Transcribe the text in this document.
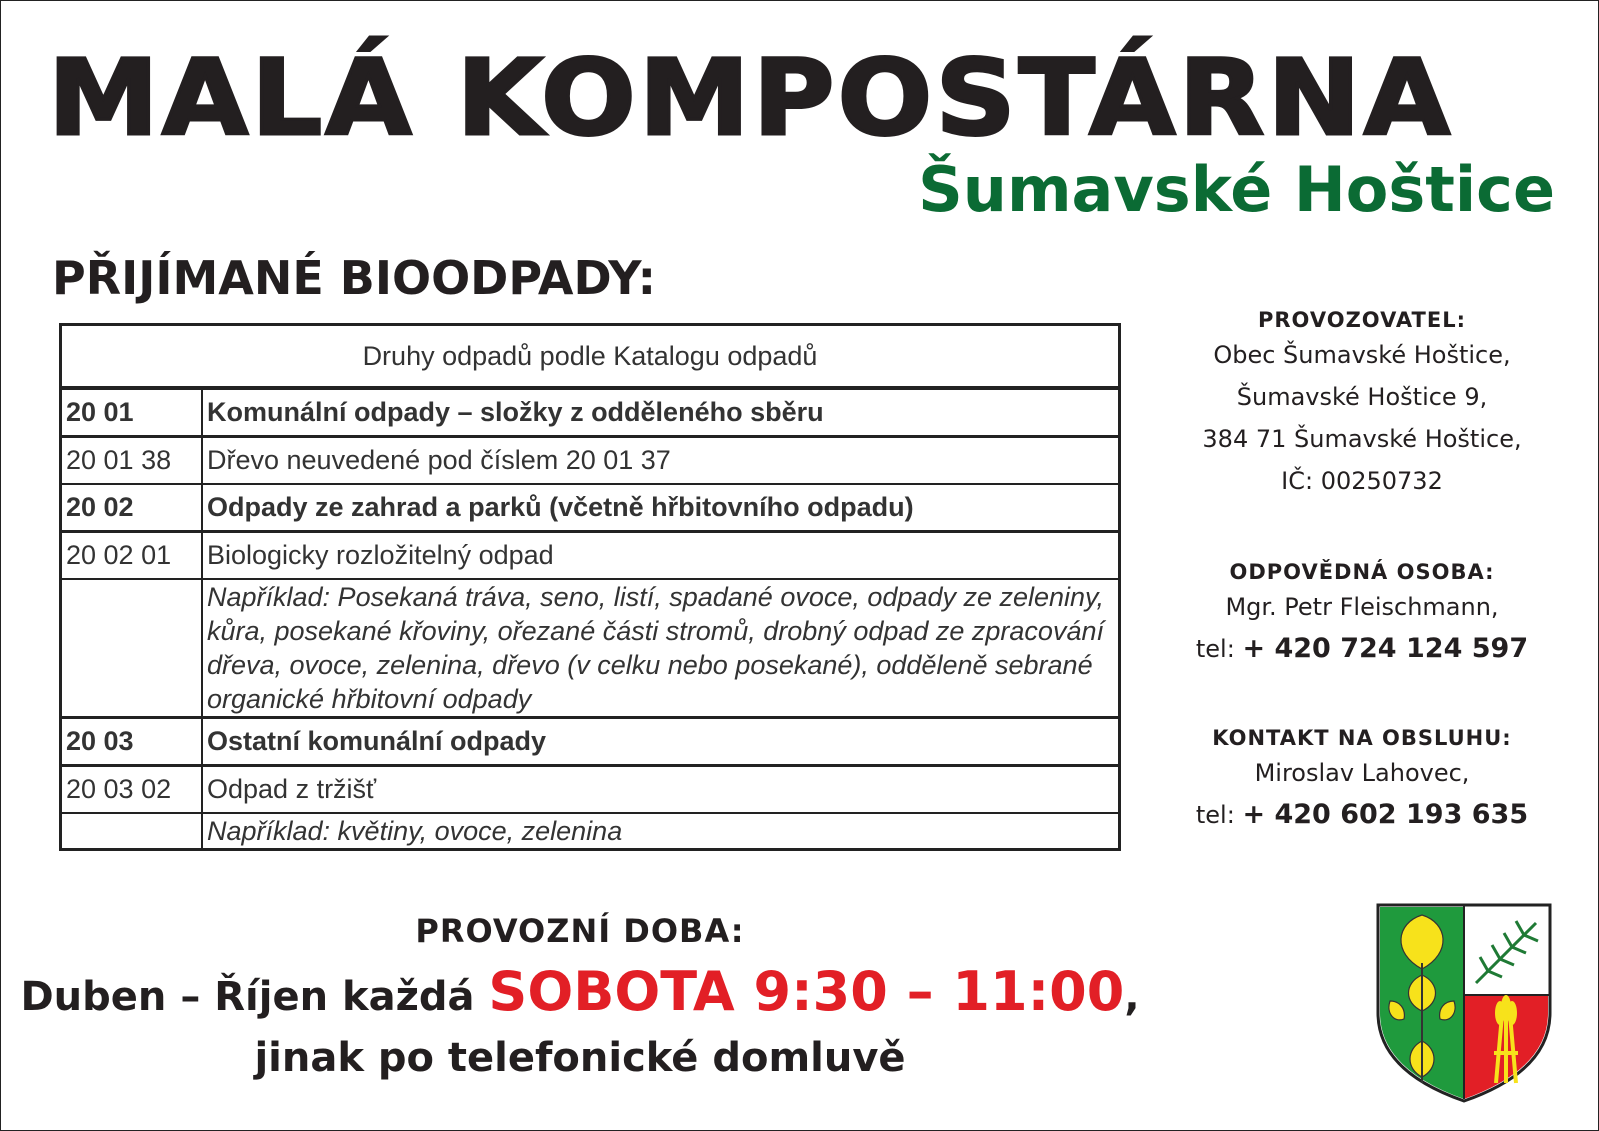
MALÁ KOMPOSTÁRNA
Šumavské Hoštice
PŘIJÍMANÉ BIOODPADY:
Druhy odpadů podle Katalogu odpadů	
20 01	Komunální odpady – složky z odděleného sběru
20 01 38	Dřevo neuvedené pod číslem 20 01 37
20 02	Odpady ze zahrad a parků (včetně hřbitovního odpadu)
20 02 01	Biologicky rozložitelný odpad
	Například: Posekaná tráva, seno, listí, spadané ovoce, odpady ze zeleniny, kůra, posekané křoviny, ořezané části stromů, drobný odpad ze zpracování dřeva, ovoce, zelenina, dřevo (v celku nebo posekané), odděleně sebrané organické hřbitovní odpady
20 03	Ostatní komunální odpady
20 03 02	Odpad z tržišť
	Například: květiny, ovoce, zelenina
PROVOZOVATEL:
Obec Šumavské Hoštice,
Šumavské Hoštice 9,
384 71 Šumavské Hoštice,
IČ: 00250732
ODPOVĚDNÁ OSOBA:
Mgr. Petr Fleischmann,
tel: + 420 724 124 597
KONTAKT NA OBSLUHU:
Miroslav Lahovec,
tel: + 420 602 193 635
PROVOZNÍ DOBA:
Duben – Říjen každá SOBOTA 9:30 – 11:00,
jinak po telefonické domluvě
